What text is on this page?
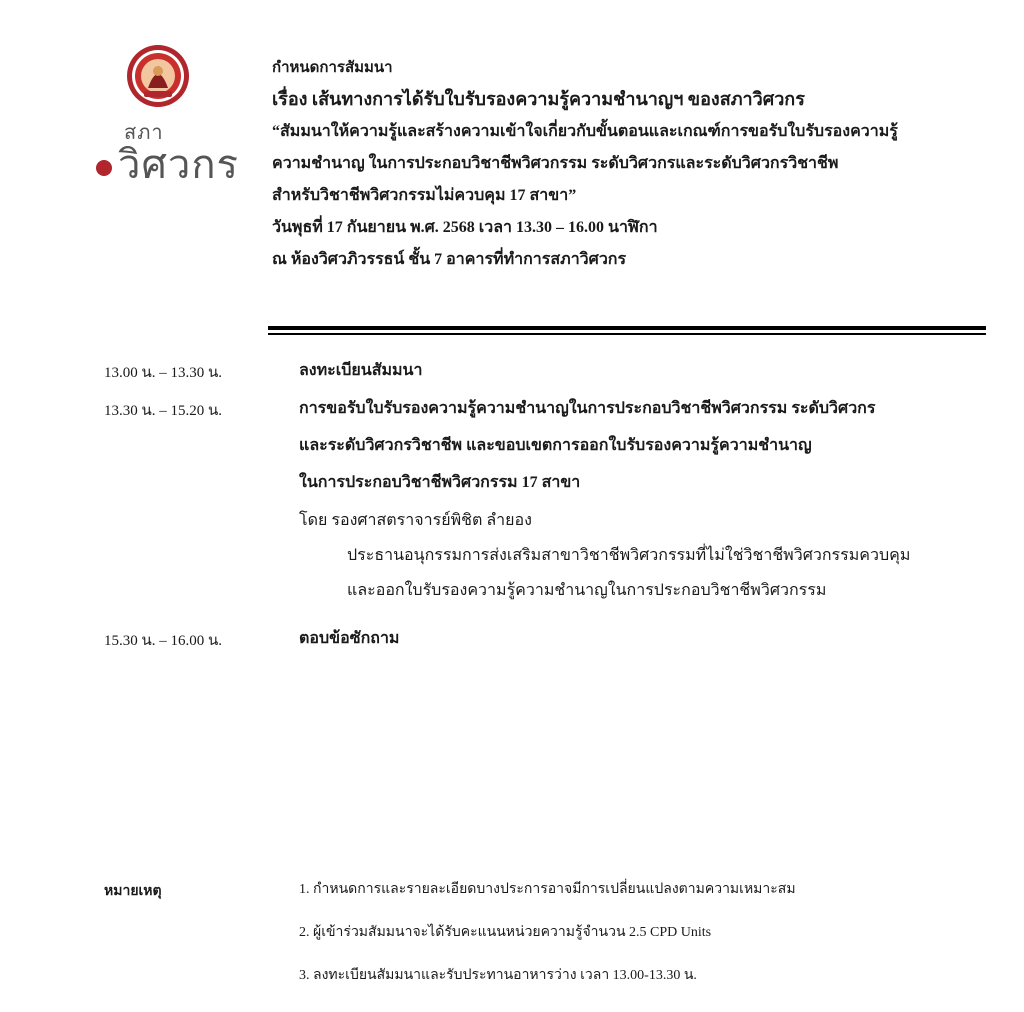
สภา
วิศวกร
กำหนดการสัมมนา
เรื่อง เส้นทางการได้รับใบรับรองความรู้ความชำนาญฯ ของสภาวิศวกร
“สัมมนาให้ความรู้และสร้างความเข้าใจเกี่ยวกับขั้นตอนและเกณฑ์การขอรับใบรับรองความรู้
ความชำนาญ ในการประกอบวิชาชีพวิศวกรรม ระดับวิศวกรและระดับวิศวกรวิชาชีพ
สำหรับวิชาชีพวิศวกรรมไม่ควบคุม 17 สาขา”
วันพุธที่ 17 กันยายน พ.ศ. 2568 เวลา 13.30 – 16.00 นาฬิกา
ณ ห้องวิศวภิวรรธน์ ชั้น 7 อาคารที่ทำการสภาวิศวกร
13.00 น. – 13.30 น.	ลงทะเบียนสัมมนา
13.30 น. – 15.20 น.	การขอรับใบรับรองความรู้ความชำนาญในการประกอบวิชาชีพวิศวกรรม ระดับวิศวกร
และระดับวิศวกรวิชาชีพ และขอบเขตการออกใบรับรองความรู้ความชำนาญ
ในการประกอบวิชาชีพวิศวกรรม 17 สาขา
โดย รองศาสตราจารย์พิชิต ลำยอง
ประธานอนุกรรมการส่งเสริมสาขาวิชาชีพวิศวกรรมที่ไม่ใช่วิชาชีพวิศวกรรมควบคุม
และออกใบรับรองความรู้ความชำนาญในการประกอบวิชาชีพวิศวกรรม
15.30 น. – 16.00 น.	ตอบข้อซักถาม
หมายเหตุ	1. กำหนดการและรายละเอียดบางประการอาจมีการเปลี่ยนแปลงตามความเหมาะสม
2. ผู้เข้าร่วมสัมมนาจะได้รับคะแนนหน่วยความรู้จำนวน 2.5 CPD Units
3. ลงทะเบียนสัมมนาและรับประทานอาหารว่าง เวลา 13.00-13.30 น.
